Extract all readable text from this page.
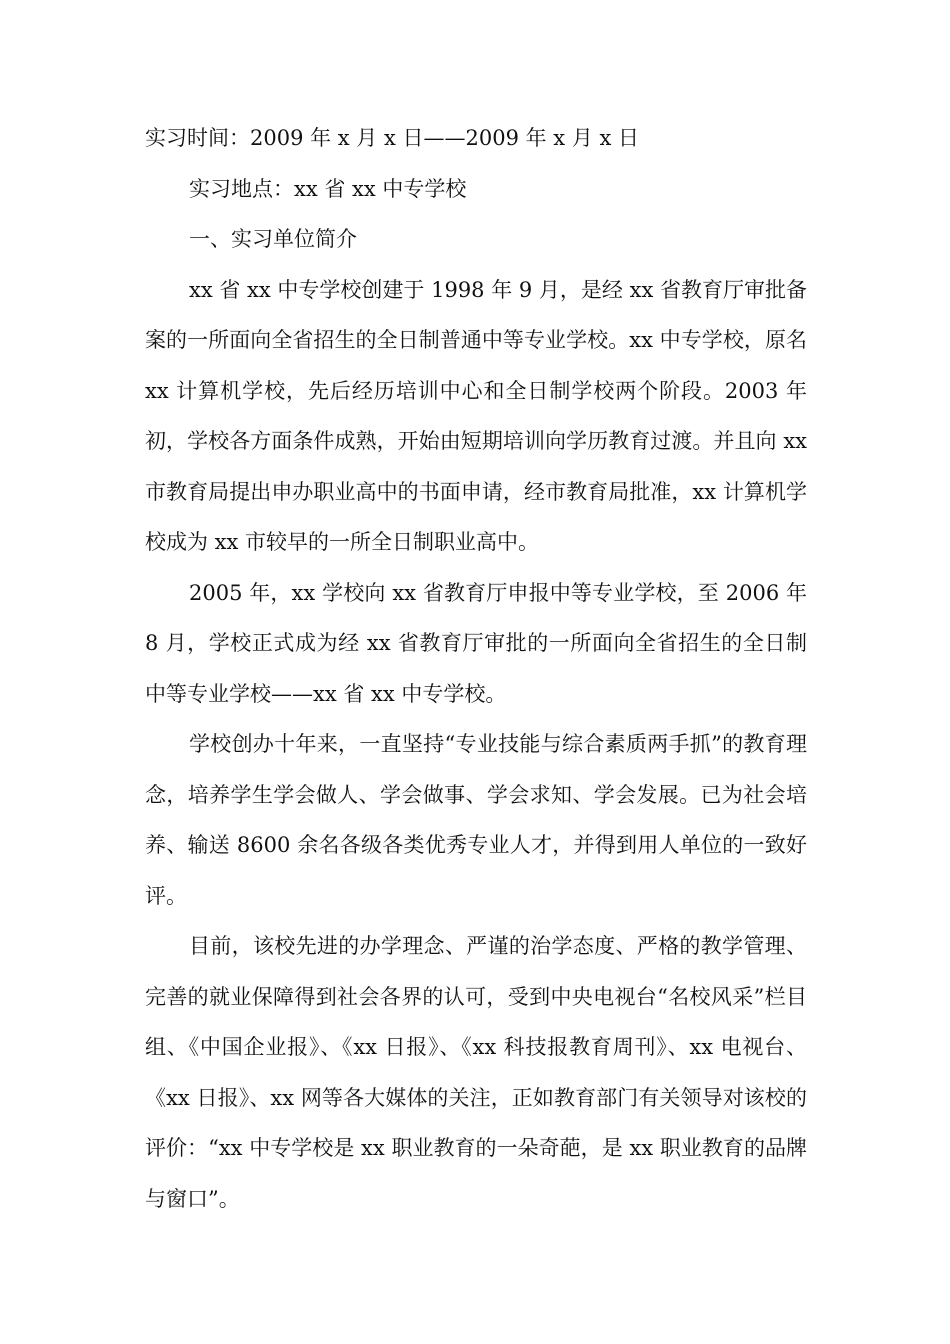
实习时间：2009 年 x 月 x 日——2009 年 x 月 x 日

实习地点：xx 省 xx 中专学校

一、实习单位简介

xx 省 xx 中专学校创建于 1998 年 9 月，是经 xx 省教育厅审批备案的一所面向全省招生的全日制普通中等专业学校。xx 中专学校，原名 xx 计算机学校，先后经历培训中心和全日制学校两个阶段。2003 年初，学校各方面条件成熟，开始由短期培训向学历教育过渡。并且向 xx 市教育局提出申办职业高中的书面申请，经市教育局批准，xx 计算机学校成为 xx 市较早的一所全日制职业高中。

2005 年，xx 学校向 xx 省教育厅申报中等专业学校，至 2006 年 8 月，学校正式成为经 xx 省教育厅审批的一所面向全省招生的全日制中等专业学校——xx 省 xx 中专学校。

学校创办十年来，一直坚持“专业技能与综合素质两手抓”的教育理念，培养学生学会做人、学会做事、学会求知、学会发展。已为社会培养、输送 8600 余名各级各类优秀专业人才，并得到用人单位的一致好评。

目前，该校先进的办学理念、严谨的治学态度、严格的教学管理、完善的就业保障得到社会各界的认可，受到中央电视台“名校风采”栏目组、《中国企业报》、《xx 日报》、《xx 科技报教育周刊》、xx 电视台、《xx 日报》、xx 网等各大媒体的关注，正如教育部门有关领导对该校的评价：“xx 中专学校是 xx 职业教育的一朵奇葩，是 xx 职业教育的品牌与窗口”。
